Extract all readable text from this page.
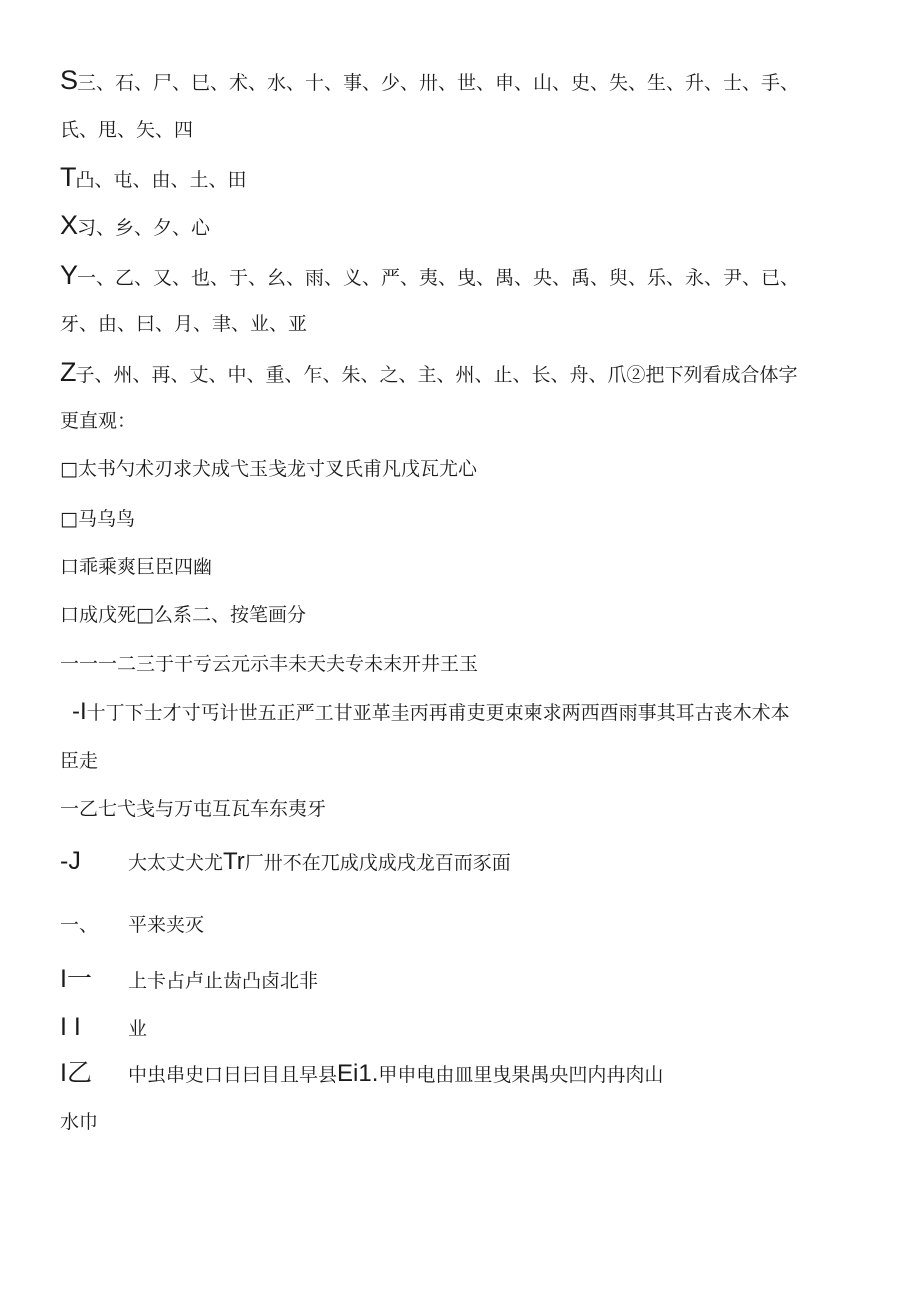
S三、石、尸、巳、术、水、十、事、少、卅、世、申、山、史、失、生、升、士、手、
氏、甩、矢、四
T凸、屯、由、土、田
X习、乡、夕、心
Y一、乙、又、也、于、幺、雨、义、严、夷、曳、禺、央、禹、臾、乐、永、尹、已、
牙、由、曰、月、聿、业、亚
Z子、州、再、丈、中、重、乍、朱、之、主、州、止、长、舟、爪②把下列看成合体字
更直观：
□太书勺术刃求犬成弋玉戋龙寸叉氏甫凡戊瓦尤心
□马乌鸟
口乖乘爽巨臣四幽
口成戊死□么系二、按笔画分
一一一二三于干亏云元示丰未天夫专未末开井王玉
-I十丁下士才寸丐计世五正严工甘亚革圭丙再甫吏更束柬求两西酉雨事其耳古丧木术本
臣走
一乙七弋戋与万屯互瓦车东夷牙
-J 大太丈犬尤Tr厂卅不在兀成戊成戌龙百而豕面
一、 平来夹灭
I一 上卡占卢止齿凸卤北非
I I 业
I乙 中虫串史口日曰目且早县Ei1.甲申电由皿里曳果禺央凹内冉肉山
水巾
